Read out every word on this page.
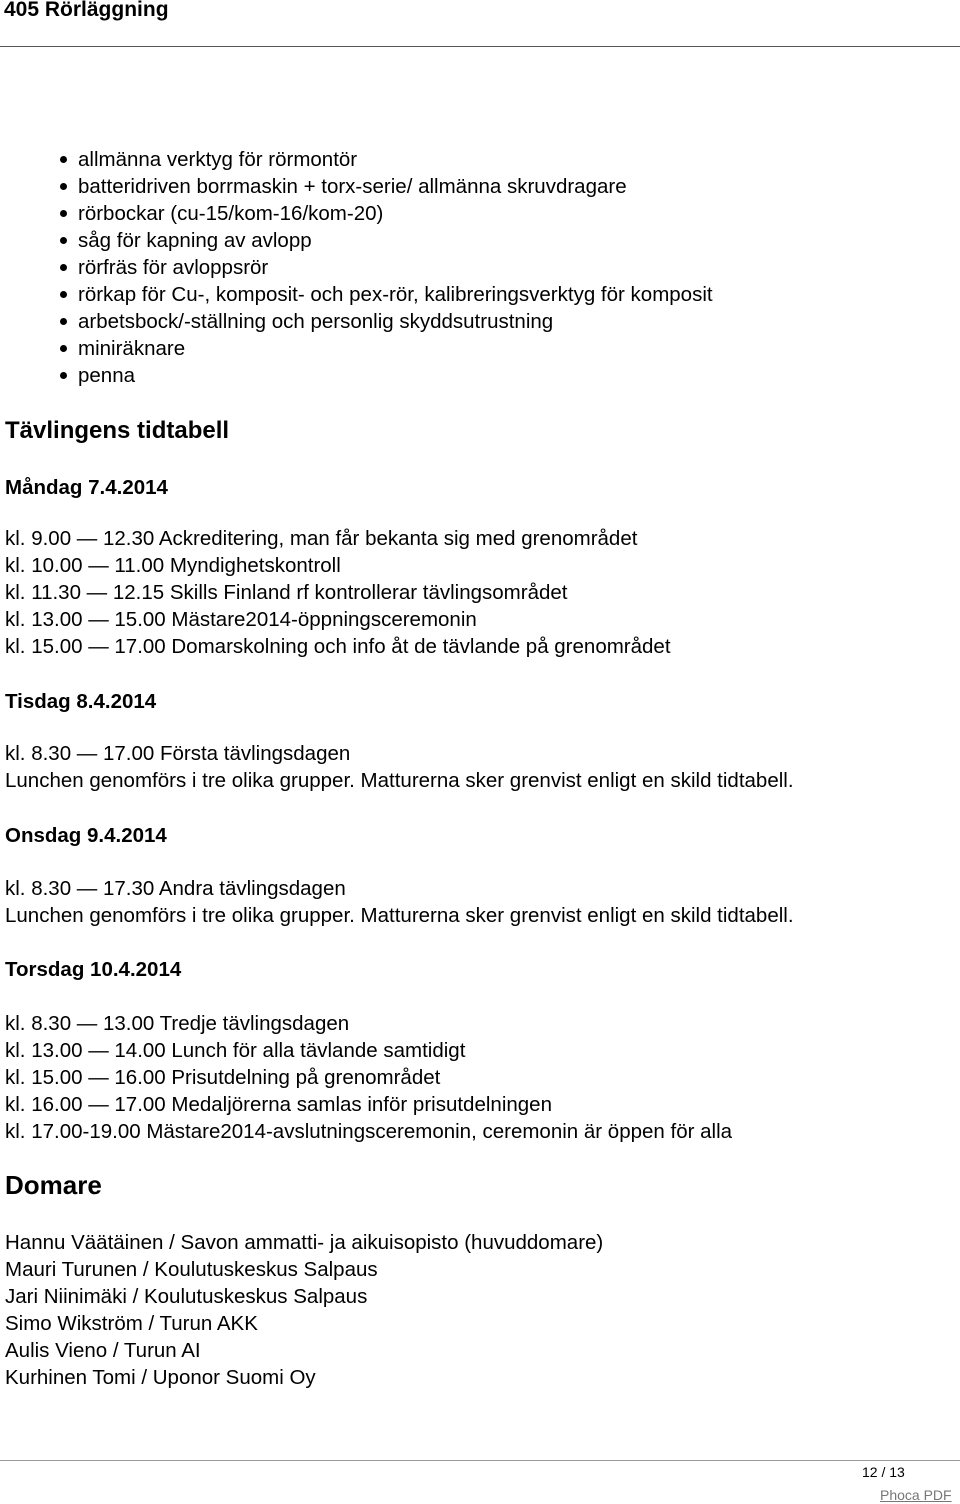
405 Rörläggning
allmänna verktyg för rörmontör
batteridriven borrmaskin + torx-serie/ allmänna skruvdragare
rörbockar (cu-15/kom-16/kom-20)
såg för kapning av avlopp
rörfräs för avloppsrör
rörkap för Cu-, komposit- och pex-rör, kalibreringsverktyg för komposit
arbetsbock/-ställning och personlig skyddsutrustning
miniräknare
penna
Tävlingens tidtabell
Måndag 7.4.2014
kl. 9.00 — 12.30 Ackreditering, man får bekanta sig med grenområdet
kl. 10.00 — 11.00 Myndighetskontroll
kl. 11.30 — 12.15 Skills Finland rf kontrollerar tävlingsområdet
kl. 13.00 — 15.00 Mästare2014-öppningsceremonin
kl. 15.00 — 17.00 Domarskolning och info åt de tävlande på grenområdet
Tisdag 8.4.2014
kl. 8.30 — 17.00 Första tävlingsdagen
Lunchen genomförs i tre olika grupper. Matturerna sker grenvist enligt en skild tidtabell.
Onsdag 9.4.2014
kl. 8.30 — 17.30 Andra tävlingsdagen
Lunchen genomförs i tre olika grupper. Matturerna sker grenvist enligt en skild tidtabell.
Torsdag 10.4.2014
kl. 8.30 — 13.00 Tredje tävlingsdagen
kl. 13.00 — 14.00 Lunch för alla tävlande samtidigt
kl. 15.00 — 16.00 Prisutdelning på grenområdet
kl. 16.00 — 17.00 Medaljörerna samlas inför prisutdelningen
kl. 17.00-19.00 Mästare2014-avslutningsceremonin, ceremonin är öppen för alla
Domare
Hannu Väätäinen / Savon ammatti- ja aikuisopisto (huvuddomare)
Mauri Turunen / Koulutuskeskus Salpaus
Jari Niinimäki / Koulutuskeskus Salpaus
Simo Wikström / Turun AKK
Aulis Vieno / Turun AI
Kurhinen Tomi / Uponor Suomi Oy
12 / 13
Phoca PDF
